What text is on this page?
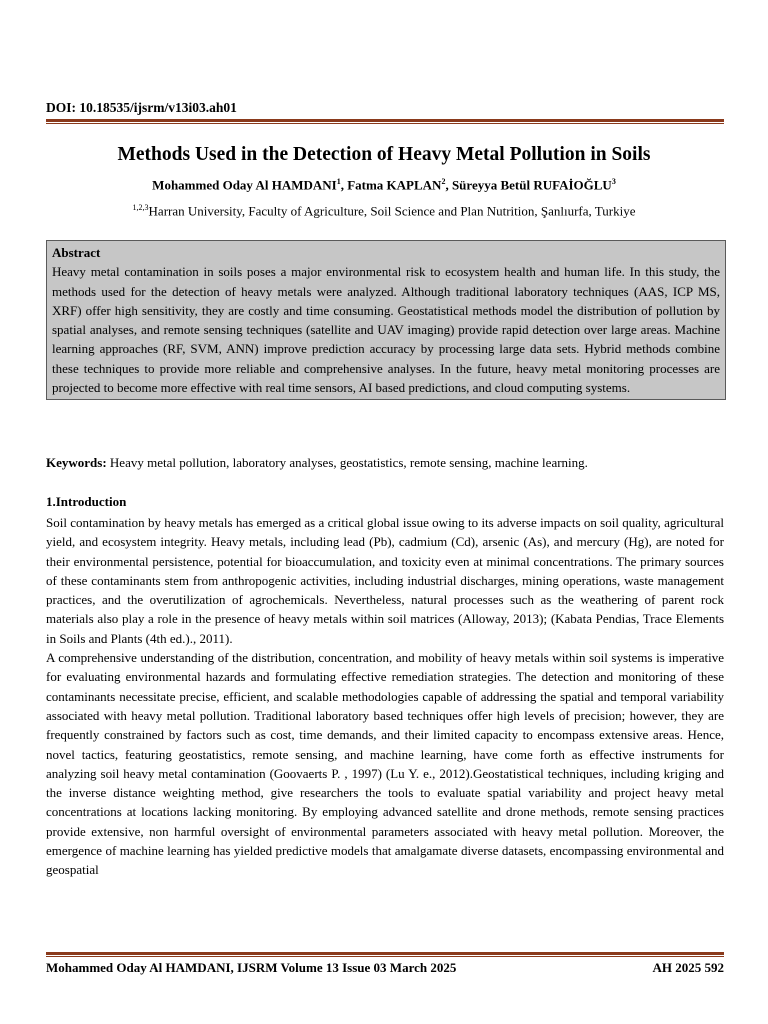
DOI: 10.18535/ijsrm/v13i03.ah01
Methods Used in the Detection of Heavy Metal Pollution in Soils
Mohammed Oday Al HAMDANI$^1$, Fatma KAPLAN$^2$, Süreyya Betül RUFAİOĞLU$^3$
$^{1,2,3}$Harran University, Faculty of Agriculture, Soil Science and Plan Nutrition, Şanlıurfa, Turkiye
Abstract
Heavy metal contamination in soils poses a major environmental risk to ecosystem health and human life. In this study, the methods used for the detection of heavy metals were analyzed. Although traditional laboratory techniques (AAS, ICP MS, XRF) offer high sensitivity, they are costly and time consuming. Geostatistical methods model the distribution of pollution by spatial analyses, and remote sensing techniques (satellite and UAV imaging) provide rapid detection over large areas. Machine learning approaches (RF, SVM, ANN) improve prediction accuracy by processing large data sets. Hybrid methods combine these techniques to provide more reliable and comprehensive analyses. In the future, heavy metal monitoring processes are projected to become more effective with real time sensors, AI based predictions, and cloud computing systems.
Keywords: Heavy metal pollution, laboratory analyses, geostatistics, remote sensing, machine learning.
1.Introduction

Soil contamination by heavy metals has emerged as a critical global issue owing to its adverse impacts on soil quality, agricultural yield, and ecosystem integrity. Heavy metals, including lead (Pb), cadmium (Cd), arsenic (As), and mercury (Hg), are noted for their environmental persistence, potential for bioaccumulation, and toxicity even at minimal concentrations. The primary sources of these contaminants stem from anthropogenic activities, including industrial discharges, mining operations, waste management practices, and the overutilization of agrochemicals. Nevertheless, natural processes such as the weathering of parent rock materials also play a role in the presence of heavy metals within soil matrices (Alloway, 2013); (Kabata Pendias, Trace Elements in Soils and Plants (4th ed.)., 2011).

A comprehensive understanding of the distribution, concentration, and mobility of heavy metals within soil systems is imperative for evaluating environmental hazards and formulating effective remediation strategies. The detection and monitoring of these contaminants necessitate precise, efficient, and scalable methodologies capable of addressing the spatial and temporal variability associated with heavy metal pollution. Traditional laboratory based techniques offer high levels of precision; however, they are frequently constrained by factors such as cost, time demands, and their limited capacity to encompass extensive areas. Hence, novel tactics, featuring geostatistics, remote sensing, and machine learning, have come forth as effective instruments for analyzing soil heavy metal contamination (Goovaerts P. , 1997) (Lu Y. e., 2012).Geostatistical techniques, including kriging and the inverse distance weighting method, give researchers the tools to evaluate spatial variability and project heavy metal concentrations at locations lacking monitoring. By employing advanced satellite and drone methods, remote sensing practices provide extensive, non harmful oversight of environmental parameters associated with heavy metal pollution. Moreover, the emergence of machine learning has yielded predictive models that amalgamate diverse datasets, encompassing environmental and geospatial

Mohammed Oday Al HAMDANI, IJSRM Volume 13 Issue 03 March 2025	AH 2025 592
